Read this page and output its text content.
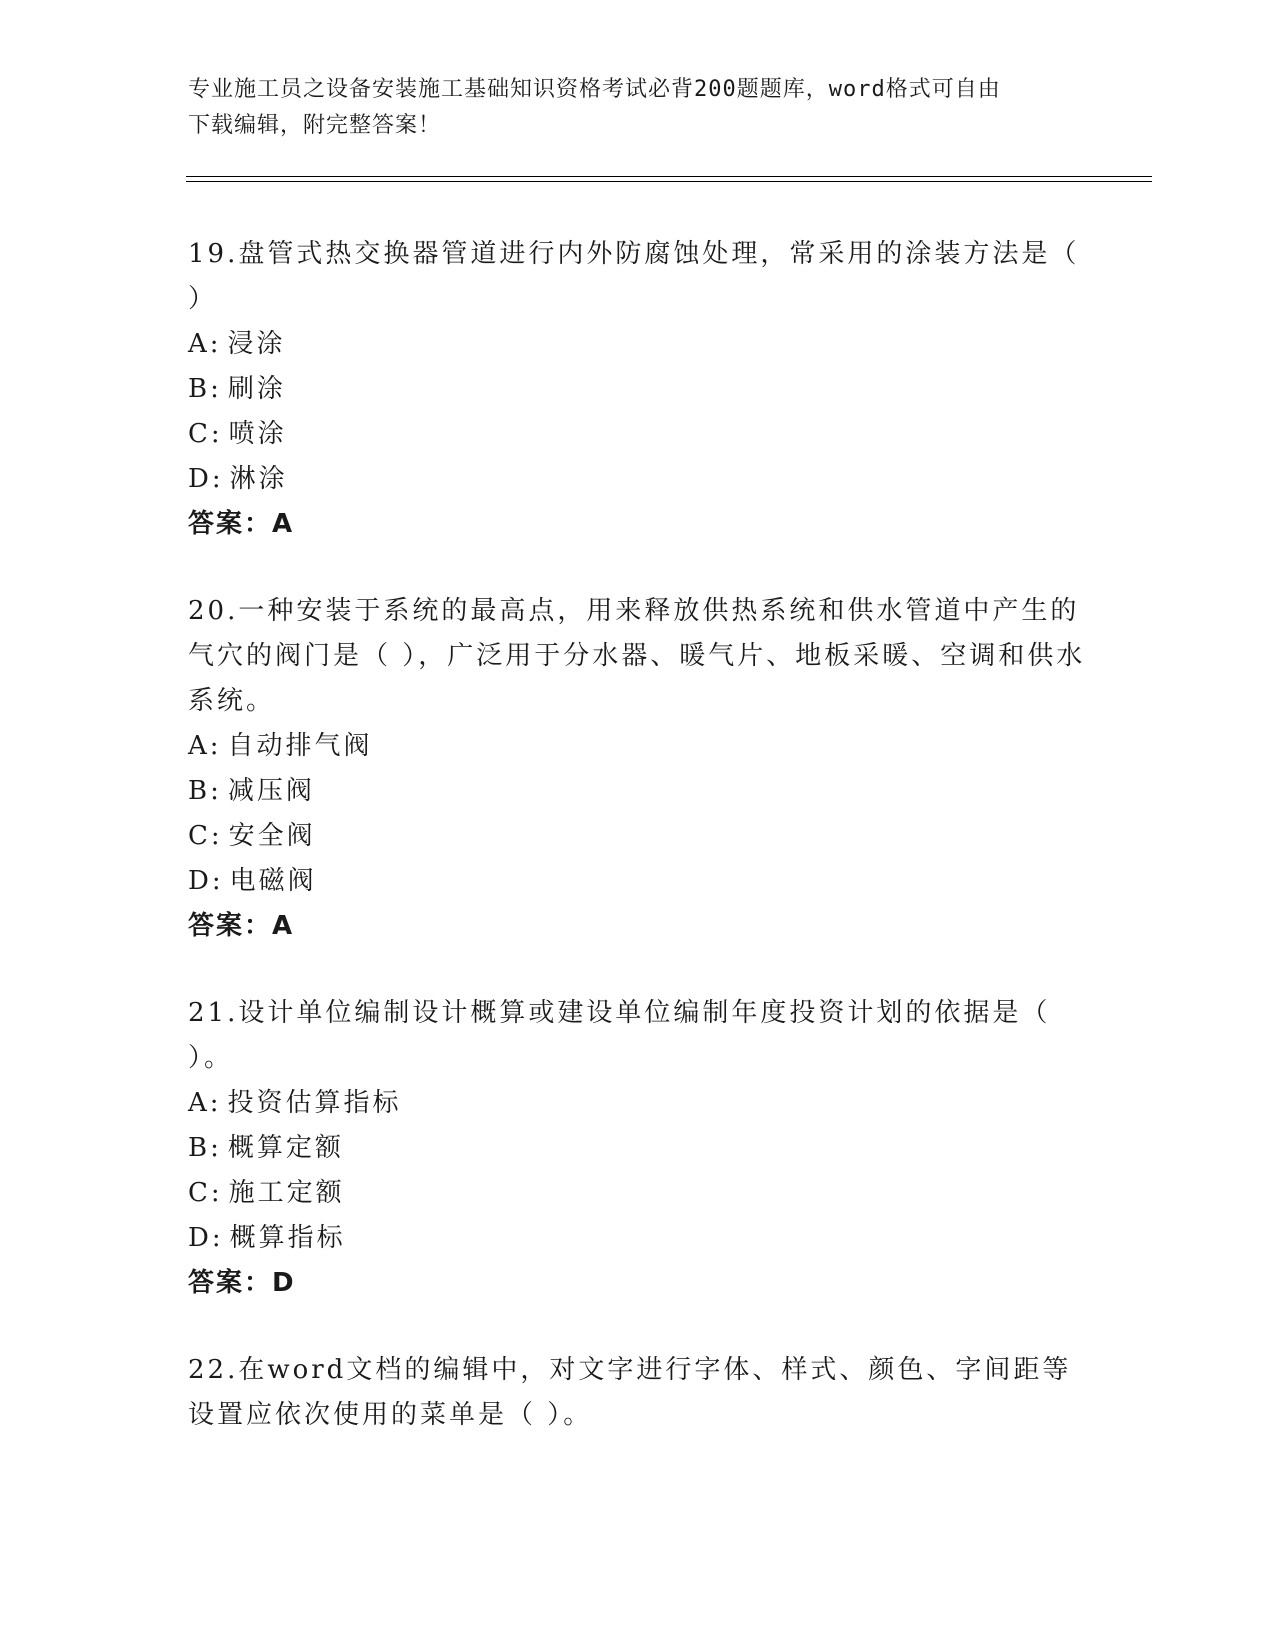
专业施工员之设备安装施工基础知识资格考试必背200题题库，word格式可自由
下载编辑，附完整答案！
19.盘管式热交换器管道进行内外防腐蚀处理，常采用的涂装方法是（ ）
A: 浸涂
B: 刷涂
C: 喷涂
D: 淋涂
答案：A
20.一种安装于系统的最高点，用来释放供热系统和供水管道中产生的气穴的阀门是（ ），广泛用于分水器、暖气片、地板采暖、空调和供水系统。
A: 自动排气阀
B: 减压阀
C: 安全阀
D: 电磁阀
答案：A
21.设计单位编制设计概算或建设单位编制年度投资计划的依据是（ ）。
A: 投资估算指标
B: 概算定额
C: 施工定额
D: 概算指标
答案：D
22.在word文档的编辑中，对文字进行字体、样式、颜色、字间距等设置应依次使用的菜单是（ ）。
